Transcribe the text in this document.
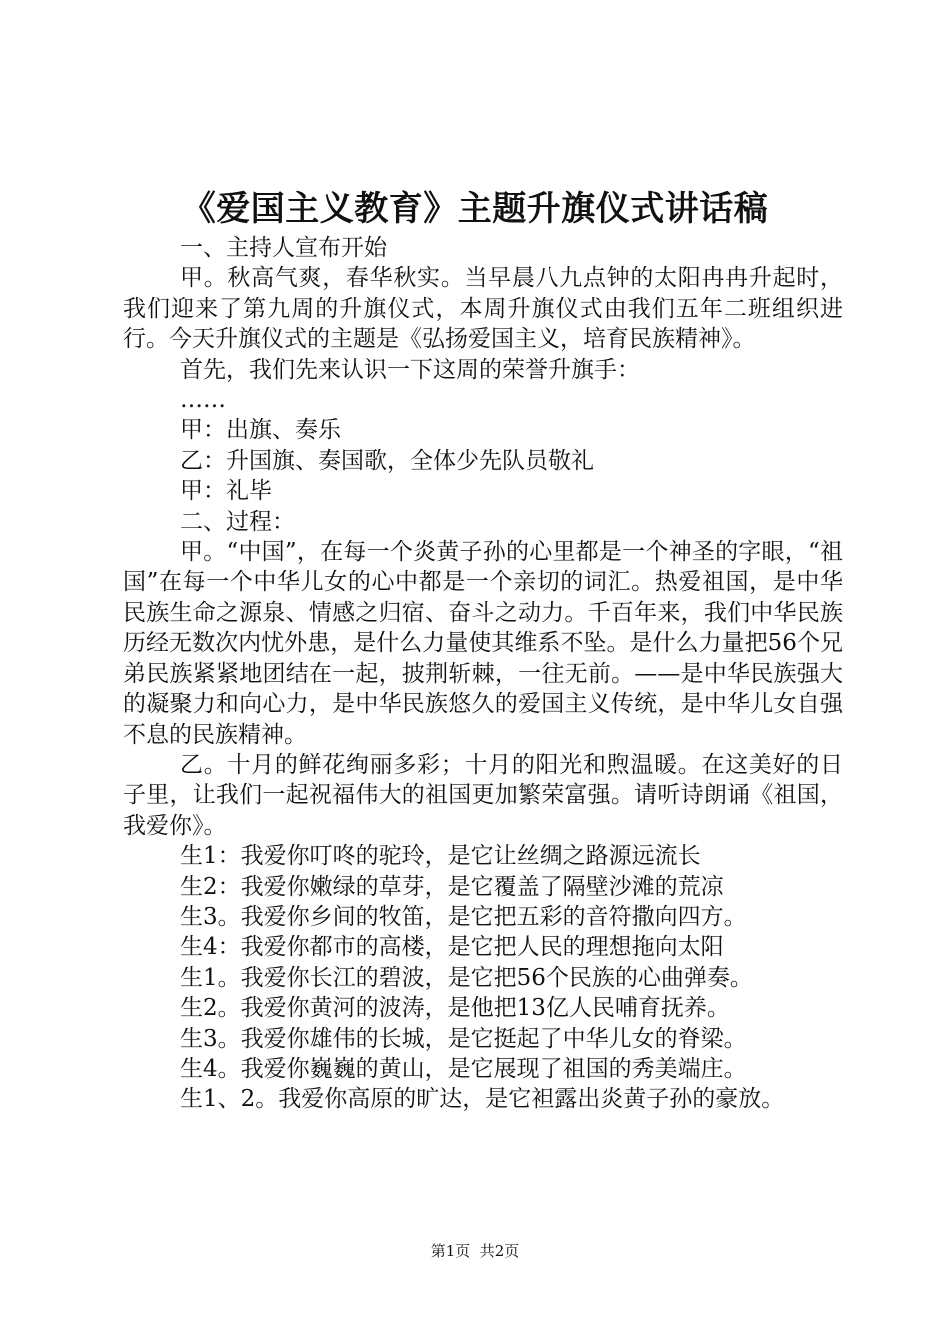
《爱国主义教育》主题升旗仪式讲话稿

一、主持人宣布开始

甲。秋高气爽，春华秋实。当早晨八九点钟的太阳冉冉升起时，我们迎来了第九周的升旗仪式，本周升旗仪式由我们五年二班组织进行。今天升旗仪式的主题是《弘扬爱国主义，培育民族精神》。

首先，我们先来认识一下这周的荣誉升旗手：

……

甲：出旗、奏乐

乙：升国旗、奏国歌，全体少先队员敬礼

甲：礼毕

二、过程：

甲。“中国”，在每一个炎黄子孙的心里都是一个神圣的字眼，“祖国”在每一个中华儿女的心中都是一个亲切的词汇。热爱祖国，是中华民族生命之源泉、情感之归宿、奋斗之动力。千百年来，我们中华民族历经无数次内忧外患，是什么力量使其维系不坠。是什么力量把56个兄弟民族紧紧地团结在一起，披荆斩棘，一往无前。——是中华民族强大的凝聚力和向心力，是中华民族悠久的爱国主义传统，是中华儿女自强不息的民族精神。

乙。十月的鲜花绚丽多彩；十月的阳光和煦温暖。在这美好的日子里，让我们一起祝福伟大的祖国更加繁荣富强。请听诗朗诵《祖国，我爱你》。

生1：我爱你叮咚的驼玲，是它让丝绸之路源远流长

生2：我爱你嫩绿的草芽，是它覆盖了隔壁沙滩的荒凉

生3。我爱你乡间的牧笛，是它把五彩的音符撒向四方。

生4：我爱你都市的高楼，是它把人民的理想拖向太阳

生1。我爱你长江的碧波，是它把56个民族的心曲弹奏。

生2。我爱你黄河的波涛，是他把13亿人民哺育抚养。

生3。我爱你雄伟的长城，是它挺起了中华儿女的脊梁。

生4。我爱你巍巍的黄山，是它展现了祖国的秀美端庄。

生1、2。我爱你高原的旷达，是它袒露出炎黄子孙的豪放。

第1页  共2页
